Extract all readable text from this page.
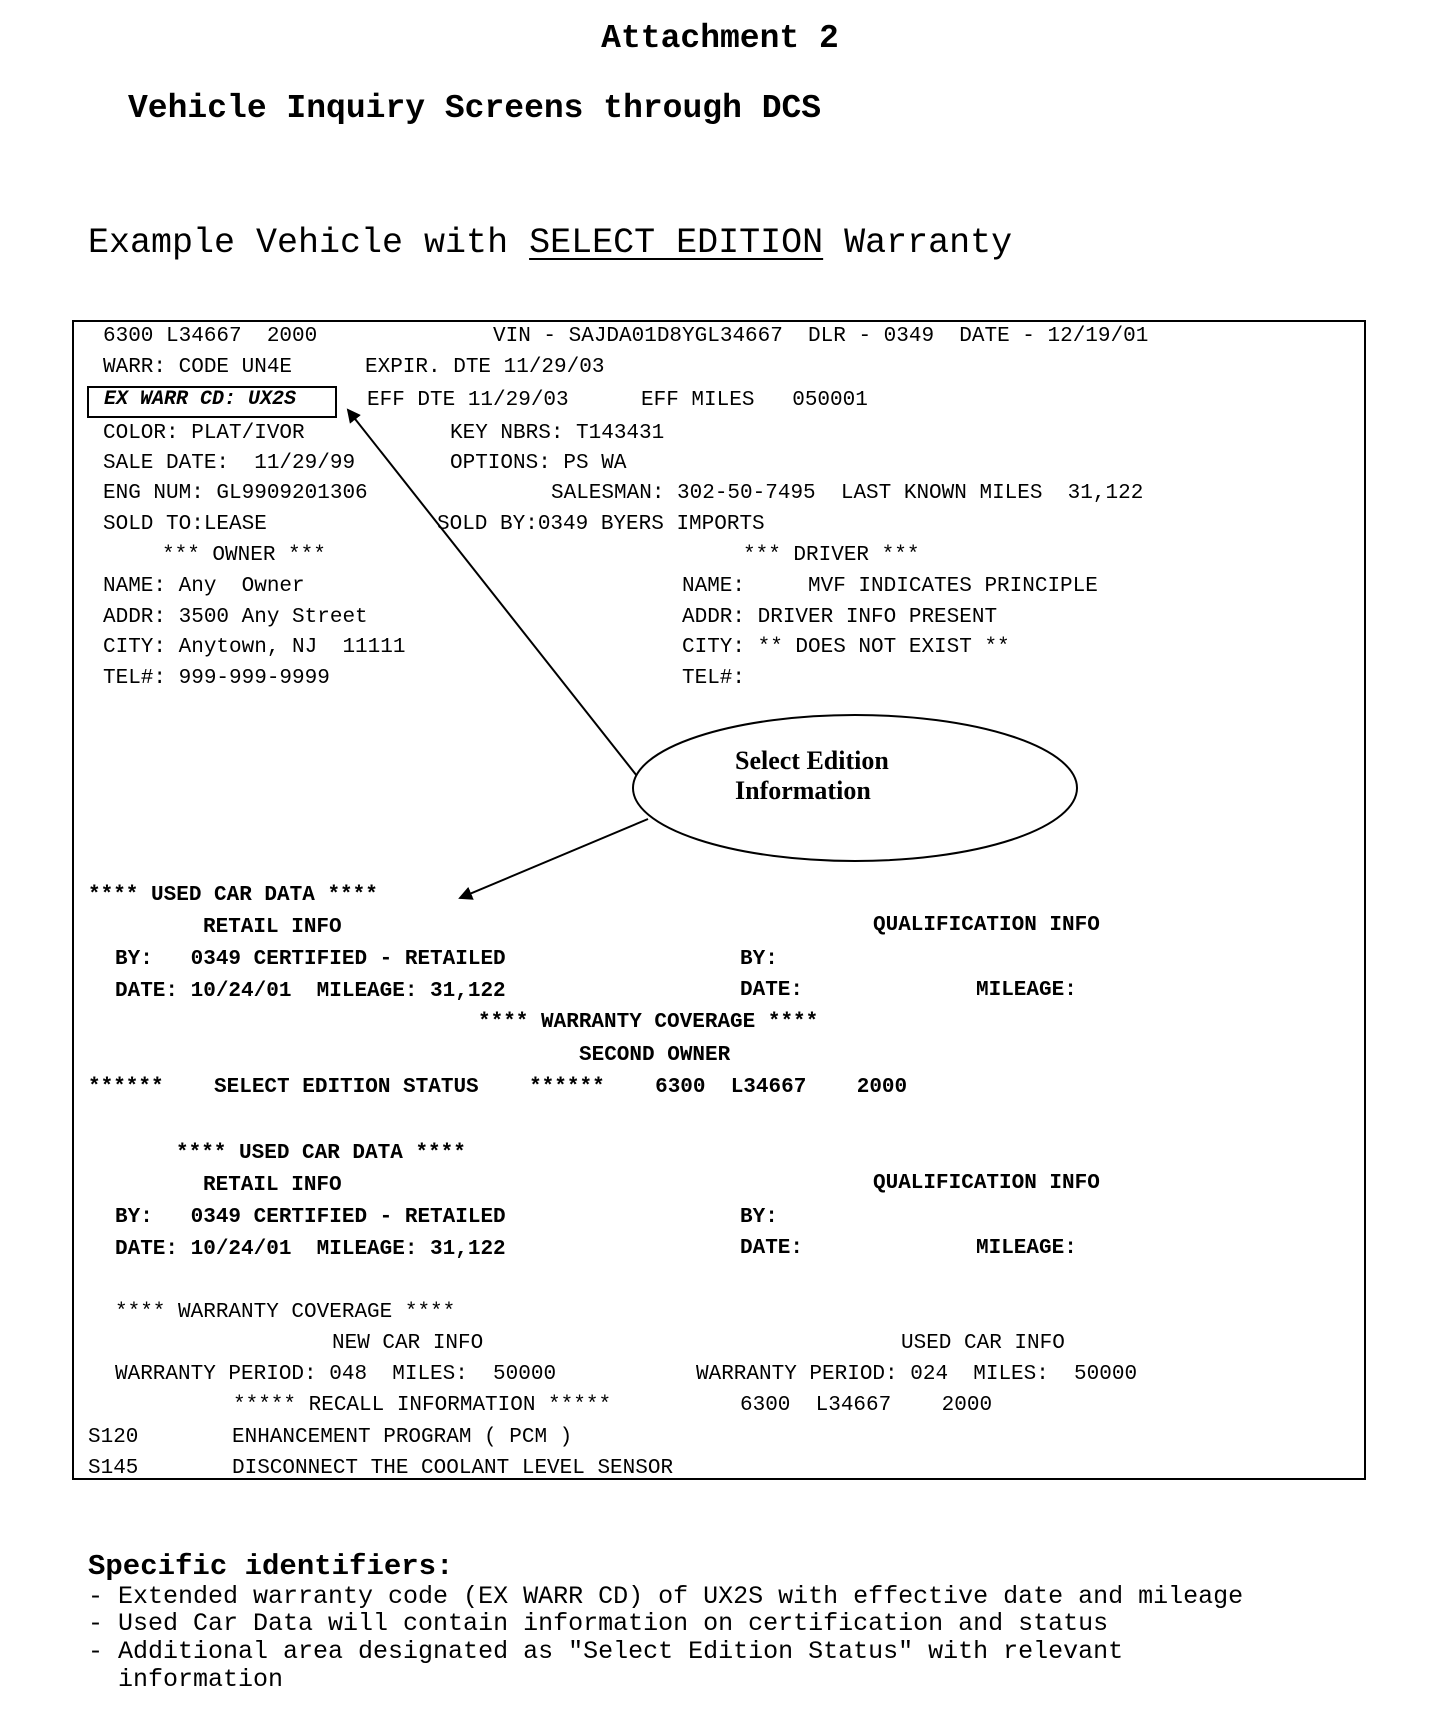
Attachment 2
Vehicle Inquiry Screens through DCS
Example Vehicle with SELECT EDITION Warranty
Select Edition
Information
6300 L34667  2000	VIN - SAJDA01D8YGL34667  DLR - 0349  DATE - 12/19/01
WARR: CODE UN4E	EXPIR. DTE 11/29/03
EX WARR CD: UX2S	EFF DTE 11/29/03	EFF MILES   050001
COLOR: PLAT/IVOR	KEY NBRS: T143431
SALE DATE:  11/29/99	OPTIONS: PS WA
ENG NUM: GL9909201306	SALESMAN: 302-50-7495  LAST KNOWN MILES  31,122
SOLD TO:LEASE	SOLD BY:0349 BYERS IMPORTS
*** OWNER ***	*** DRIVER ***
NAME: Any  Owner	NAME:     MVF INDICATES PRINCIPLE
ADDR: 3500 Any Street	ADDR: DRIVER INFO PRESENT
CITY: Anytown, NJ  11111	CITY: ** DOES NOT EXIST **
TEL#: 999-999-9999	TEL#:
**** USED CAR DATA ****
RETAIL INFO	QUALIFICATION INFO
BY:   0349 CERTIFIED - RETAILED	BY:
DATE: 10/24/01  MILEAGE: 31,122	DATE:	MILEAGE:
**** WARRANTY COVERAGE ****
SECOND OWNER
******    SELECT EDITION STATUS    ******    6300  L34667    2000
**** USED CAR DATA ****
RETAIL INFO	QUALIFICATION INFO
BY:   0349 CERTIFIED - RETAILED	BY:
DATE: 10/24/01  MILEAGE: 31,122	DATE:	MILEAGE:
**** WARRANTY COVERAGE ****
NEW CAR INFO	USED CAR INFO
WARRANTY PERIOD: 048  MILES:  50000	WARRANTY PERIOD: 024  MILES:  50000
***** RECALL INFORMATION *****	6300  L34667    2000
S120	ENHANCEMENT PROGRAM ( PCM )
S145	DISCONNECT THE COOLANT LEVEL SENSOR
Specific identifiers:
- Extended warranty code (EX WARR CD) of UX2S with effective date and mileage
- Used Car Data will contain information on certification and status
- Additional area designated as "Select Edition Status" with relevant
information
